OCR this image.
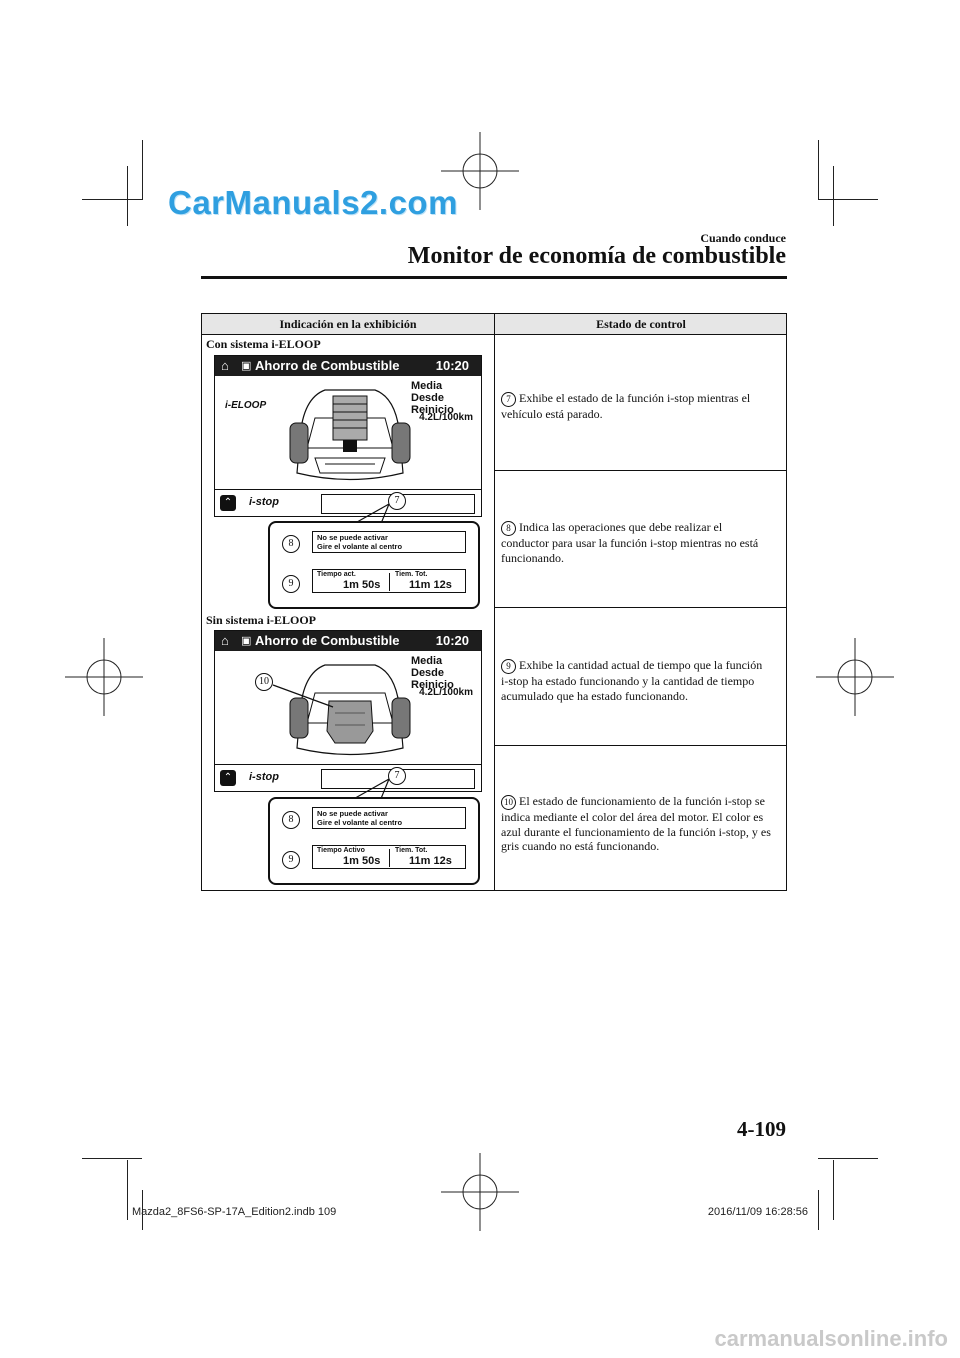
CarManuals2.com
Cuando conduce
Monitor de economía de combustible
Indicación en la exhibición	Estado de control
Con sistema i-ELOOP
Sin sistema i-ELOOP
7 Exhibe el estado de la función i-stop mientras el vehículo está parado.
8 Indica las operaciones que debe realizar el conductor para usar la función i-stop mientras no está funcionando.
9 Exhibe la cantidad actual de tiempo que la función i-stop ha estado funcionando y la cantidad de tiempo acumulado que ha estado funcionando.
10 El estado de funcionamiento de la función i-stop se indica mediante el color del área del motor. El color es azul durante el funcionamiento de la función i-stop, y es gris cuando no está funcionando.
⌂ ▣ Ahorro de Combustible	10:20
i-ELOOP
Media Desde
Reinicio
4.2L/100km
⌃	i-stop	7
8
No se puede activar
Gire el volante al centro
9
Tiempo act.
1m 50s
Tiem. Tot.
11m 12s
⌂ ▣ Ahorro de Combustible	10:20
Media Desde
Reinicio
4.2L/100km
10
⌃	i-stop	7
8
No se puede activar
Gire el volante al centro
9
Tiempo Activo
1m 50s
Tiem. Tot.
11m 12s
4-109
Mazda2_8FS6-SP-17A_Edition2.indb 109	2016/11/09 16:28:56
carmanualsonline.info
